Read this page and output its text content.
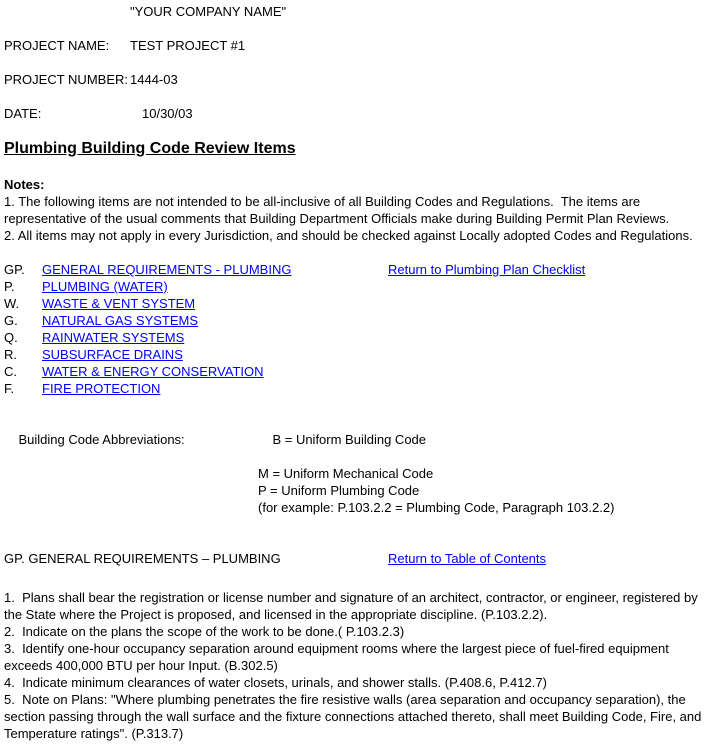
"YOUR COMPANY NAME"
PROJECT NAME: TEST PROJECT #1
PROJECT NUMBER: 1444-03
DATE:	10/30/03
Plumbing Building Code Review Items

Notes:

1. The following items are not intended to be all-inclusive of all Building Codes and Regulations.  The items are representative of the usual comments that Building Department Officials make during Building Permit Plan Reviews.

2. All items may not apply in every Jurisdiction, and should be checked against Locally adopted Codes and Regulations.

GP. GENERAL REQUIREMENTS - PLUMBING	Return to Plumbing Plan Checklist
P. PLUMBING (WATER)
W. WASTE & VENT SYSTEM
G. NATURAL GAS SYSTEMS
Q. RAINWATER SYSTEMS
R. SUBSURFACE DRAINS
C. WATER & ENERGY CONSERVATION
F. FIRE PROTECTION

Building Code Abbreviations:	B = Uniform Building Code

M = Uniform Mechanical Code
P = Uniform Plumbing Code
(for example: P.103.2.2 = Plumbing Code, Paragraph 103.2.2)
GP. GENERAL REQUIREMENTS – PLUMBING	Return to Table of Contents

1.  Plans shall bear the registration or license number and signature of an architect, contractor, or engineer, registered by the State where the Project is proposed, and licensed in the appropriate discipline. (P.103.2.2).

2.  Indicate on the plans the scope of the work to be done.( P.103.2.3)

3.  Identify one-hour occupancy separation around equipment rooms where the largest piece of fuel-fired equipment exceeds 400,000 BTU per hour Input. (B.302.5)

4.  Indicate minimum clearances of water closets, urinals, and shower stalls. (P.408.6, P.412.7)

5.  Note on Plans: "Where plumbing penetrates the fire resistive walls (area separation and occupancy separation), the section passing through the wall surface and the fixture connections attached thereto, shall meet Building Code, Fire, and Temperature ratings". (P.313.7)
